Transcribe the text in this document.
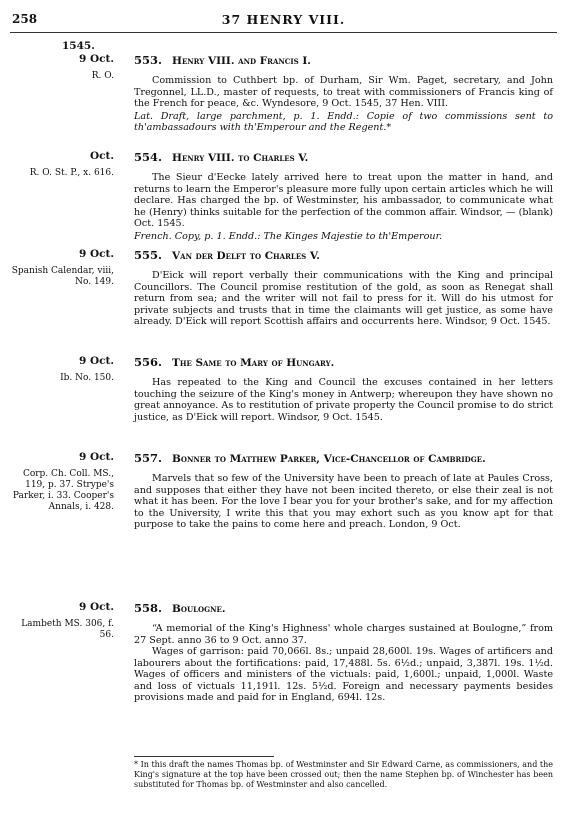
258	37 HENRY VIII.
1545.
9 Oct.
R. O.
553. Henry VIII. and Francis I.

Commission to Cuthbert bp. of Durham, Sir Wm. Paget, secretary, and John Tregonnel, LL.D., master of requests, to treat with commissioners of Francis king of the French for peace, &c. Wyndesore, 9 Oct. 1545, 37 Hen. VIII.

Lat. Draft, large parchment, p. 1. Endd.: Copie of two commissions sent to th'ambassadours with th'Emperour and the Regent.*

Oct.
R. O. St. P., x. 616.
554. Henry VIII. to Charles V.

The Sieur d'Eecke lately arrived here to treat upon the matter in hand, and returns to learn the Emperor's pleasure more fully upon certain articles which he will declare. Has charged the bp. of Westminster, his ambassador, to communicate what he (Henry) thinks suitable for the perfection of the common affair. Windsor, — (blank) Oct. 1545.

French. Copy, p. 1. Endd.: The Kinges Majestie to th'Emperour.

9 Oct.
Spanish Calendar, viii, No. 149.
555. Van der Delft to Charles V.

D'Eick will report verbally their communications with the King and principal Councillors. The Council promise restitution of the gold, as soon as Renegat shall return from sea; and the writer will not fail to press for it. Will do his utmost for private subjects and trusts that in time the claimants will get justice, as some have already. D'Eick will report Scottish affairs and occurrents here. Windsor, 9 Oct. 1545.

9 Oct.
Ib. No. 150.
556. The Same to Mary of Hungary.

Has repeated to the King and Council the excuses contained in her letters touching the seizure of the King's money in Antwerp; whereupon they have shown no great annoyance. As to restitution of private property the Council promise to do strict justice, as D'Eick will report. Windsor, 9 Oct. 1545.

9 Oct.
Corp. Ch. Coll. MS., 119, p. 37. Strype's Parker, i. 33. Cooper's Annals, i. 428.
557. Bonner to Matthew Parker, Vice-Chancellor of Cambridge.

Marvels that so few of the University have been to preach of late at Paules Cross, and supposes that either they have not been incited thereto, or else their zeal is not what it has been. For the love I bear you for your brother's sake, and for my affection to the University, I write this that you may exhort such as you know apt for that purpose to take the pains to come here and preach. London, 9 Oct.

9 Oct.
Lambeth MS. 306, f. 56.
558. Boulogne.

“A memorial of the King's Highness' whole charges sustained at Boulogne,” from 27 Sept. anno 36 to 9 Oct. anno 37.

Wages of garrison: paid 70,066l. 8s.; unpaid 28,600l. 19s. Wages of artificers and labourers about the fortifications: paid, 17,488l. 5s. 6½d.; unpaid, 3,387l. 19s. 1½d. Wages of officers and ministers of the victuals: paid, 1,600l.; unpaid, 1,000l. Waste and loss of victuals 11,191l. 12s. 5½d. Foreign and necessary payments besides provisions made and paid for in England, 694l. 12s.

* In this draft the names Thomas bp. of Westminster and Sir Edward Carne, as commissioners, and the King's signature at the top have been crossed out; then the name Stephen bp. of Winchester has been substituted for Thomas bp. of Westminster and also cancelled.
